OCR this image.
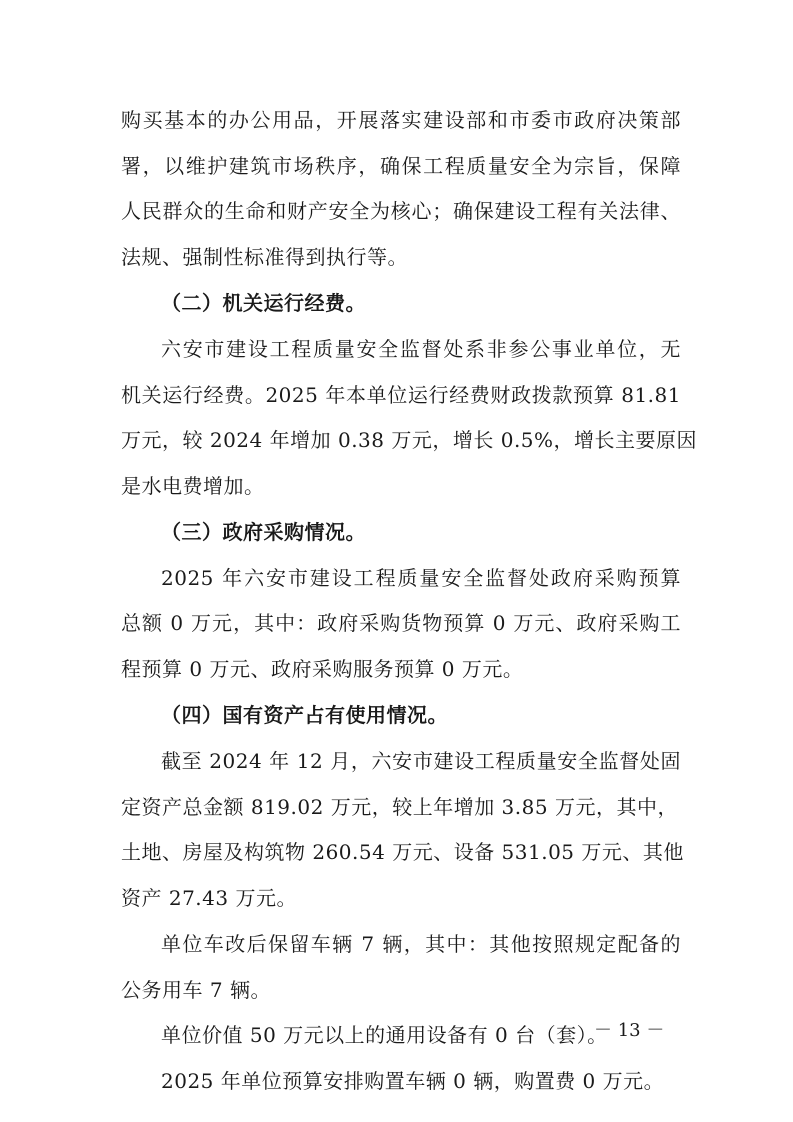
购买基本的办公用品，开展落实建设部和市委市政府决策部
署，以维护建筑市场秩序，确保工程质量安全为宗旨，保障
人民群众的生命和财产安全为核心；确保建设工程有关法律、
法规、强制性标准得到执行等。
（二）机关运行经费。
六安市建设工程质量安全监督处系非参公事业单位，无
机关运行经费。2025 年本单位运行经费财政拨款预算 81.81
万元，较 2024 年增加 0.38 万元，增长 0.5%，增长主要原因
是水电费增加。
（三）政府采购情况。
2025 年六安市建设工程质量安全监督处政府采购预算
总额 0 万元，其中：政府采购货物预算 0 万元、政府采购工
程预算 0 万元、政府采购服务预算 0 万元。
（四）国有资产占有使用情况。
截至 2024 年 12 月，六安市建设工程质量安全监督处固
定资产总金额 819.02 万元，较上年增加 3.85 万元，其中，
土地、房屋及构筑物 260.54 万元、设备 531.05 万元、其他
资产 27.43 万元。
单位车改后保留车辆 7 辆，其中：其他按照规定配备的
公务用车 7 辆。
单位价值 50 万元以上的通用设备有 0 台（套）。
2025 年单位预算安排购置车辆 0 辆，购置费 0 万元。
－ 13 －
